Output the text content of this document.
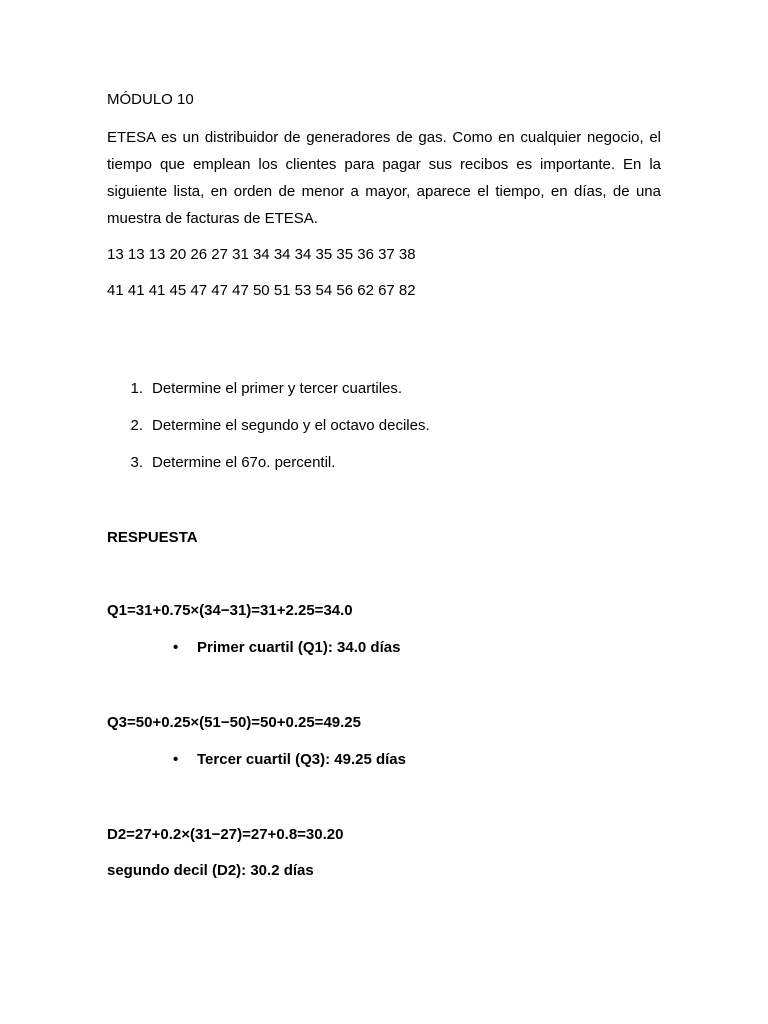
MÓDULO 10
ETESA es un distribuidor de generadores de gas. Como en cualquier negocio, el tiempo que emplean los clientes para pagar sus recibos es importante. En la siguiente lista, en orden de menor a mayor, aparece el tiempo, en días, de una muestra de facturas de ETESA.
13 13 13 20 26 27 31 34 34 34 35 35 36 37 38
41 41 41 45 47 47 47 50 51 53 54 56 62 67 82
1. Determine el primer y tercer cuartiles.
2. Determine el segundo y el octavo deciles.
3. Determine el 67o. percentil.
RESPUESTA
Q1=31+0.75×(34−31)=31+2.25=34.0
• Primer cuartil (Q1): 34.0 días
Q3=50+0.25×(51−50)=50+0.25=49.25
• Tercer cuartil (Q3): 49.25 días
D2=27+0.2×(31−27)=27+0.8=30.20
segundo decil (D2): 30.2 días
